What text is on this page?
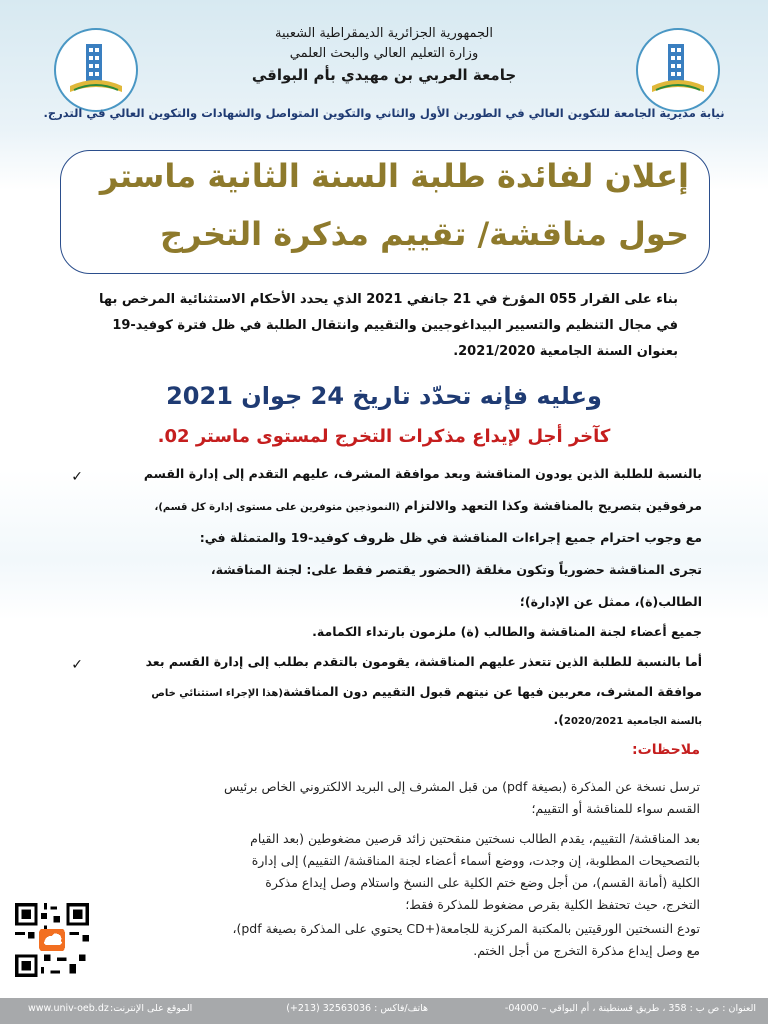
الجمهورية الجزائرية الديمقراطية الشعبية
وزارة التعليم العالي والبحث العلمي
جامعة العربي بن مهيدي بأم البواقي
نيابة مديرية الجامعة للتكوين العالي في الطورين الأول والثاني والتكوين المتواصل والشهادات والتكوين العالي في التدرج.
إعلان لفائدة طلبة السنة الثانية ماستر
حول مناقشة/ تقييم مذكرة التخرج
بناء على القرار 055 المؤرخ في 21 جانفي 2021 الذي يحدد الأحكام الاستثنائية المرخص بها
في مجال التنظيم والتسيير البيداغوجيين والتقييم وانتقال الطلبة في ظل فترة كوفيد-19
بعنوان السنة الجامعية 2021/2020.
وعليه فإنه تحدّد تاريخ 24 جوان 2021
كآخر أجل لإيداع مذكرات التخرج لمستوى ماستر 02.
✓	بالنسبة للطلبة الذين يودون المناقشة وبعد موافقة المشرف، عليهم التقدم إلى إدارة القسم
مرفوقين بتصريح بالمناقشة وكذا التعهد والالتزام (النموذجين متوفرين على مستوى إدارة كل قسم)،
مع وجوب احترام جميع إجراءات المناقشة في ظل ظروف كوفيد-19 والمتمثلة في:
تجرى المناقشة حضورياً وتكون مغلقة (الحضور يقتصر فقط على: لجنة المناقشة،
الطالب(ة)، ممثل عن الإدارة)؛
جميع أعضاء لجنة المناقشة والطالب (ة) ملزمون بارتداء الكمامة.
✓	أما بالنسبة للطلبة الذين تتعذر عليهم المناقشة، يقومون بالتقدم بطلب إلى إدارة القسم بعد
موافقة المشرف، معربين فيها عن نيتهم قبول التقييم دون المناقشة(هذا الإجراء استثنائي خاص
بالسنة الجامعية 2020/2021).
ملاحظات:
ترسل نسخة عن المذكرة (بصيغة pdf) من قبل المشرف إلى البريد الالكتروني الخاص برئيس
القسم سواء للمناقشة أو التقييم؛
بعد المناقشة/ التقييم، يقدم الطالب نسختين منقحتين زائد قرصين مضغوطين (بعد القيام
بالتصحيحات المطلوبة، إن وجدت، ووضع أسماء أعضاء لجنة المناقشة/ التقييم) إلى إدارة
الكلية (أمانة القسم)، من أجل وضع ختم الكلية على النسخ واستلام وصل إيداع مذكرة
التخرج، حيث تحتفظ الكلية بقرص مضغوط للمذكرة فقط؛
تودع النسختين الورقيتين بالمكتبة المركزية للجامعة(+CD يحتوي على المذكرة بصيغة pdf)،
مع وصل إيداع مذكرة التخرج من أجل الختم.
العنوان : ص ب : 358 ، طريق قسنطينة ، أم البواقي – 04000-
هاتف/فاكس : 32563036 (213+)
الموقع على الإنترنت:
www.univ-oeb.dz
